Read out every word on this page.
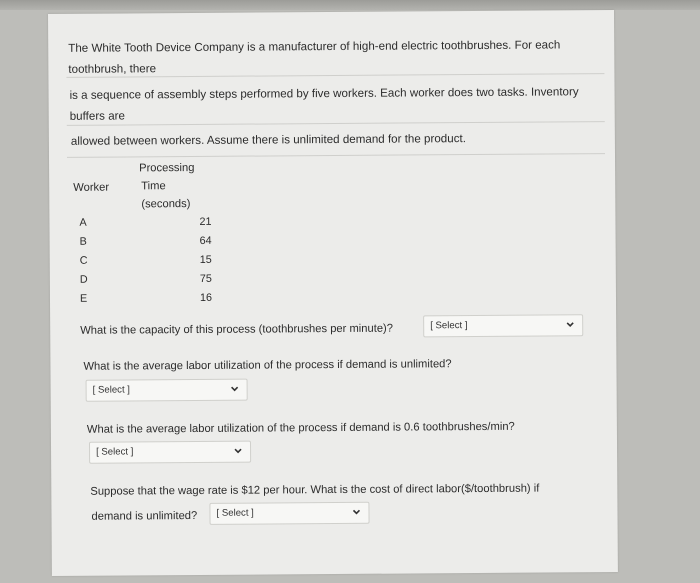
The White Tooth Device Company is a manufacturer of high-end electric toothbrushes. For each toothbrush, there
is a sequence of assembly steps performed by five workers. Each worker does two tasks. Inventory buffers are
allowed between workers. Assume there is unlimited demand for the product.
Worker
Processing
Time
(seconds)
A	21
B	64
C	15
D	75
E	16
What is the capacity of this process (toothbrushes per minute)?	[ Select ]
What is the average labor utilization of the process if demand is unlimited?
[ Select ]
What is the average labor utilization of the process if demand is 0.6 toothbrushes/min?
[ Select ]
Suppose that the wage rate is $12 per hour. What is the cost of direct labor($/toothbrush) if
demand is unlimited? [ Select ]
